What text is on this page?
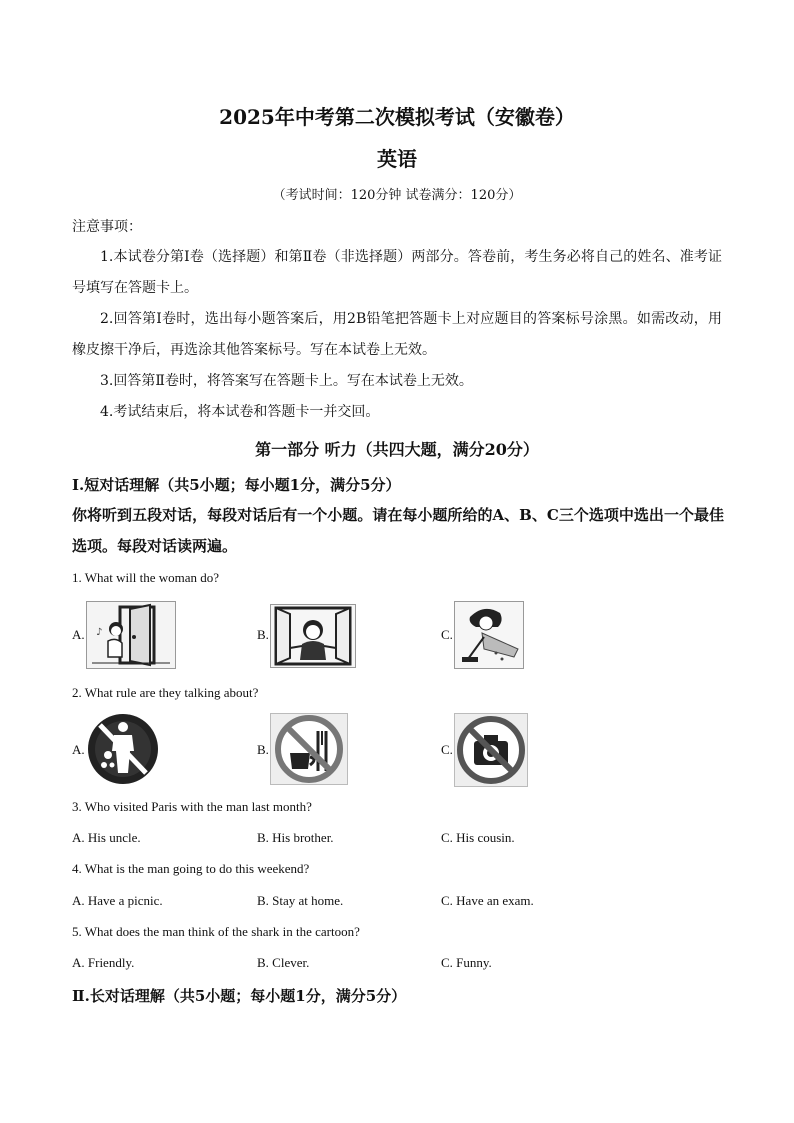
2025年中考第二次模拟考试（安徽卷）
英语
（考试时间：120分钟 试卷满分：120分）
注意事项：
1.本试卷分第Ⅰ卷（选择题）和第Ⅱ卷（非选择题）两部分。答卷前，考生务必将自己的姓名、准考证号填写在答题卡上。
2.回答第Ⅰ卷时，选出每小题答案后，用2B铅笔把答题卡上对应题目的答案标号涂黑。如需改动，用橡皮擦干净后，再选涂其他答案标号。写在本试卷上无效。
3.回答第Ⅱ卷时，将答案写在答题卡上。写在本试卷上无效。
4.考试结束后，将本试卷和答题卡一并交回。
第一部分 听力（共四大题，满分20分）
Ⅰ.短对话理解（共5小题；每小题1分，满分5分）
你将听到五段对话，每段对话后有一个小题。请在每小题所给的A、B、C三个选项中选出一个最佳选项。每段对话读两遍。
1. What will the woman do?
A. ♪	B.	C.
2. What rule are they talking about?
A.	B.	C.
3. Who visited Paris with the man last month?
A. His uncle.	B. His brother.	C. His cousin.
4. What is the man going to do this weekend?
A. Have a picnic.	B. Stay at home.	C. Have an exam.
5. What does the man think of the shark in the cartoon?
A. Friendly.	B. Clever.	C. Funny.
Ⅱ.长对话理解（共5小题；每小题1分，满分5分）
